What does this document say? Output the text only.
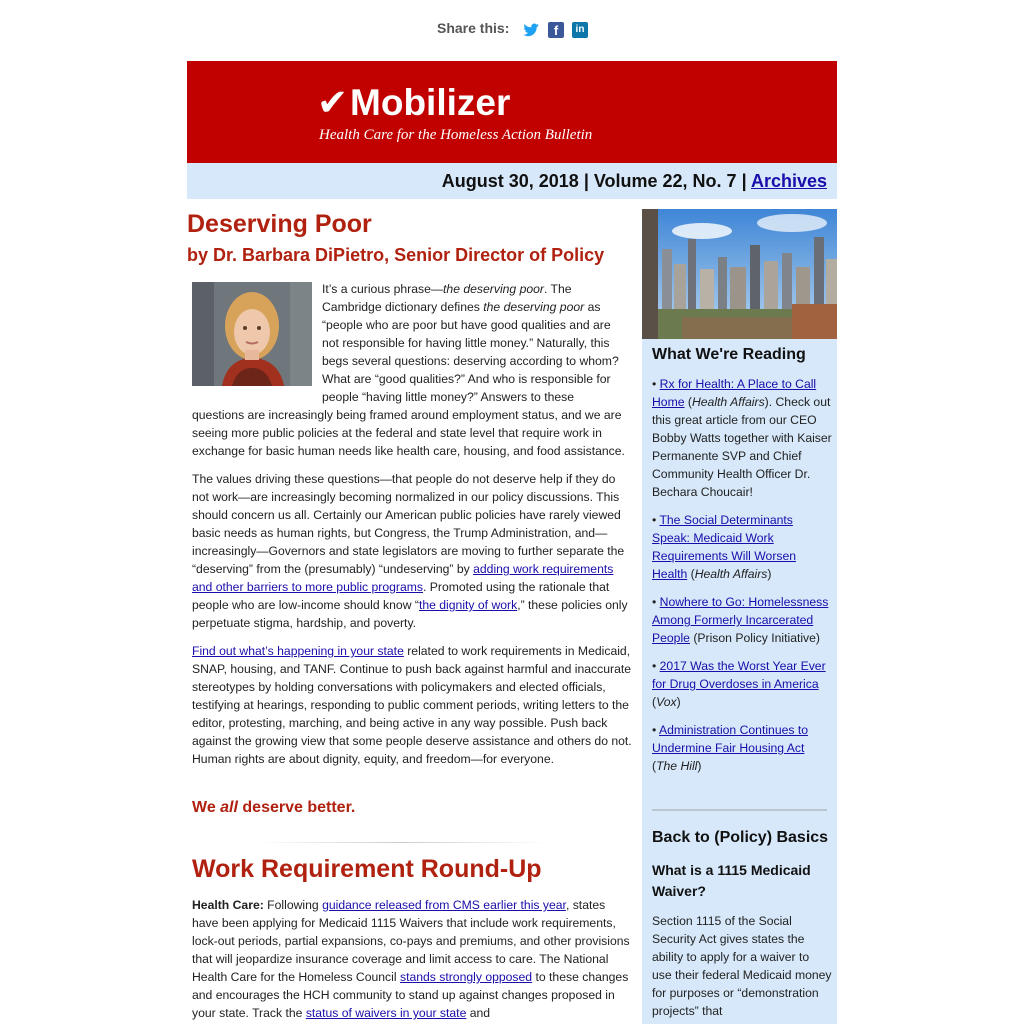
Share this:	f	in
✔Mobilizer
Health Care for the Homeless Action Bulletin
August 30, 2018 | Volume 22, No. 7 | Archives
Deserving Poor
by Dr. Barbara DiPietro, Senior Director of Policy
It’s a curious phrase—the deserving poor. The Cambridge dictionary defines the deserving poor as “people who are poor but have good qualities and are not responsible for having little money.” Naturally, this begs several questions: deserving according to whom? What are “good qualities?” And who is responsible for people “having little money?” Answers to these
questions are increasingly being framed around employment status, and we are seeing more public policies at the federal and state level that require work in exchange for basic human needs like health care, housing, and food assistance.
The values driving these questions—that people do not deserve help if they do not work—are increasingly becoming normalized in our policy discussions. This should concern us all. Certainly our American public policies have rarely viewed basic needs as human rights, but Congress, the Trump Administration, and—increasingly—Governors and state legislators are moving to further separate the “deserving” from the (presumably) “undeserving” by adding work requirements and other barriers to more public programs. Promoted using the rationale that people who are low-income should know “the dignity of work,” these policies only perpetuate stigma, hardship, and poverty.
Find out what’s happening in your state related to work requirements in Medicaid, SNAP, housing, and TANF. Continue to push back against harmful and inaccurate stereotypes by holding conversations with policymakers and elected officials, testifying at hearings, responding to public comment periods, writing letters to the editor, protesting, marching, and being active in any way possible. Push back against the growing view that some people deserve assistance and others do not. Human rights are about dignity, equity, and freedom—for everyone.
We all deserve better.
Work Requirement Round-Up
Health Care: Following guidance released from CMS earlier this year, states have been applying for Medicaid 1115 Waivers that include work requirements, lock-out periods, partial expansions, co-pays and premiums, and other provisions that will jeopardize insurance coverage and limit access to care. The National Health Care for the Homeless Council stands strongly opposed to these changes and encourages the HCH community to stand up against changes proposed in your state. Track the status of waivers in your state and
What We're Reading
• Rx for Health: A Place to Call Home (Health Affairs). Check out this great article from our CEO Bobby Watts together with Kaiser Permanente SVP and Chief Community Health Officer Dr. Bechara Choucair!
• The Social Determinants Speak: Medicaid Work Requirements Will Worsen Health (Health Affairs)
• Nowhere to Go: Homelessness Among Formerly Incarcerated People (Prison Policy Initiative)
• 2017 Was the Worst Year Ever for Drug Overdoses in America (Vox)
• Administration Continues to Undermine Fair Housing Act (The Hill)
Back to (Policy) Basics
What is a 1115 Medicaid Waiver?
Section 1115 of the Social Security Act gives states the ability to apply for a waiver to use their federal Medicaid money for purposes or “demonstration projects” that
